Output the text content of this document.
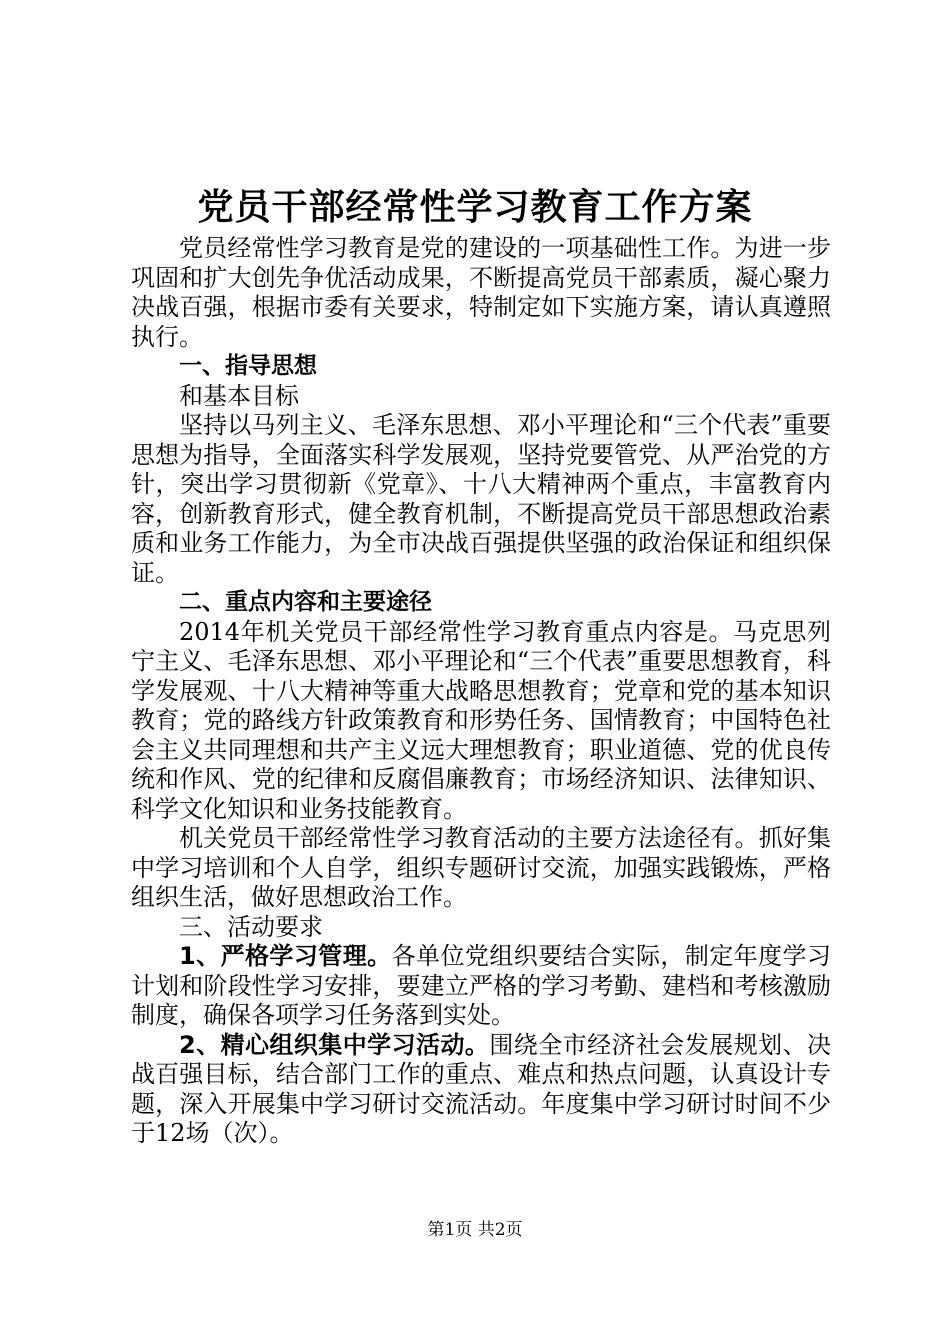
党员干部经常性学习教育工作方案

党员经常性学习教育是党的建设的一项基础性工作。为进一步巩固和扩大创先争优活动成果，不断提高党员干部素质，凝心聚力决战百强，根据市委有关要求，特制定如下实施方案，请认真遵照执行。

一、指导思想

和基本目标

坚持以马列主义、毛泽东思想、邓小平理论和“三个代表”重要思想为指导，全面落实科学发展观，坚持党要管党、从严治党的方针，突出学习贯彻新《党章》、十八大精神两个重点，丰富教育内容，创新教育形式，健全教育机制，不断提高党员干部思想政治素质和业务工作能力，为全市决战百强提供坚强的政治保证和组织保证。

二、重点内容和主要途径

2014年机关党员干部经常性学习教育重点内容是。马克思列宁主义、毛泽东思想、邓小平理论和“三个代表”重要思想教育，科学发展观、十八大精神等重大战略思想教育；党章和党的基本知识教育；党的路线方针政策教育和形势任务、国情教育；中国特色社会主义共同理想和共产主义远大理想教育；职业道德、党的优良传统和作风、党的纪律和反腐倡廉教育；市场经济知识、法律知识、科学文化知识和业务技能教育。

机关党员干部经常性学习教育活动的主要方法途径有。抓好集中学习培训和个人自学，组织专题研讨交流，加强实践锻炼，严格组织生活，做好思想政治工作。

三、活动要求

1、严格学习管理。各单位党组织要结合实际，制定年度学习计划和阶段性学习安排，要建立严格的学习考勤、建档和考核激励制度，确保各项学习任务落到实处。

2、精心组织集中学习活动。围绕全市经济社会发展规划、决战百强目标，结合部门工作的重点、难点和热点问题，认真设计专题，深入开展集中学习研讨交流活动。年度集中学习研讨时间不少于12场（次）。

第1页 共2页
